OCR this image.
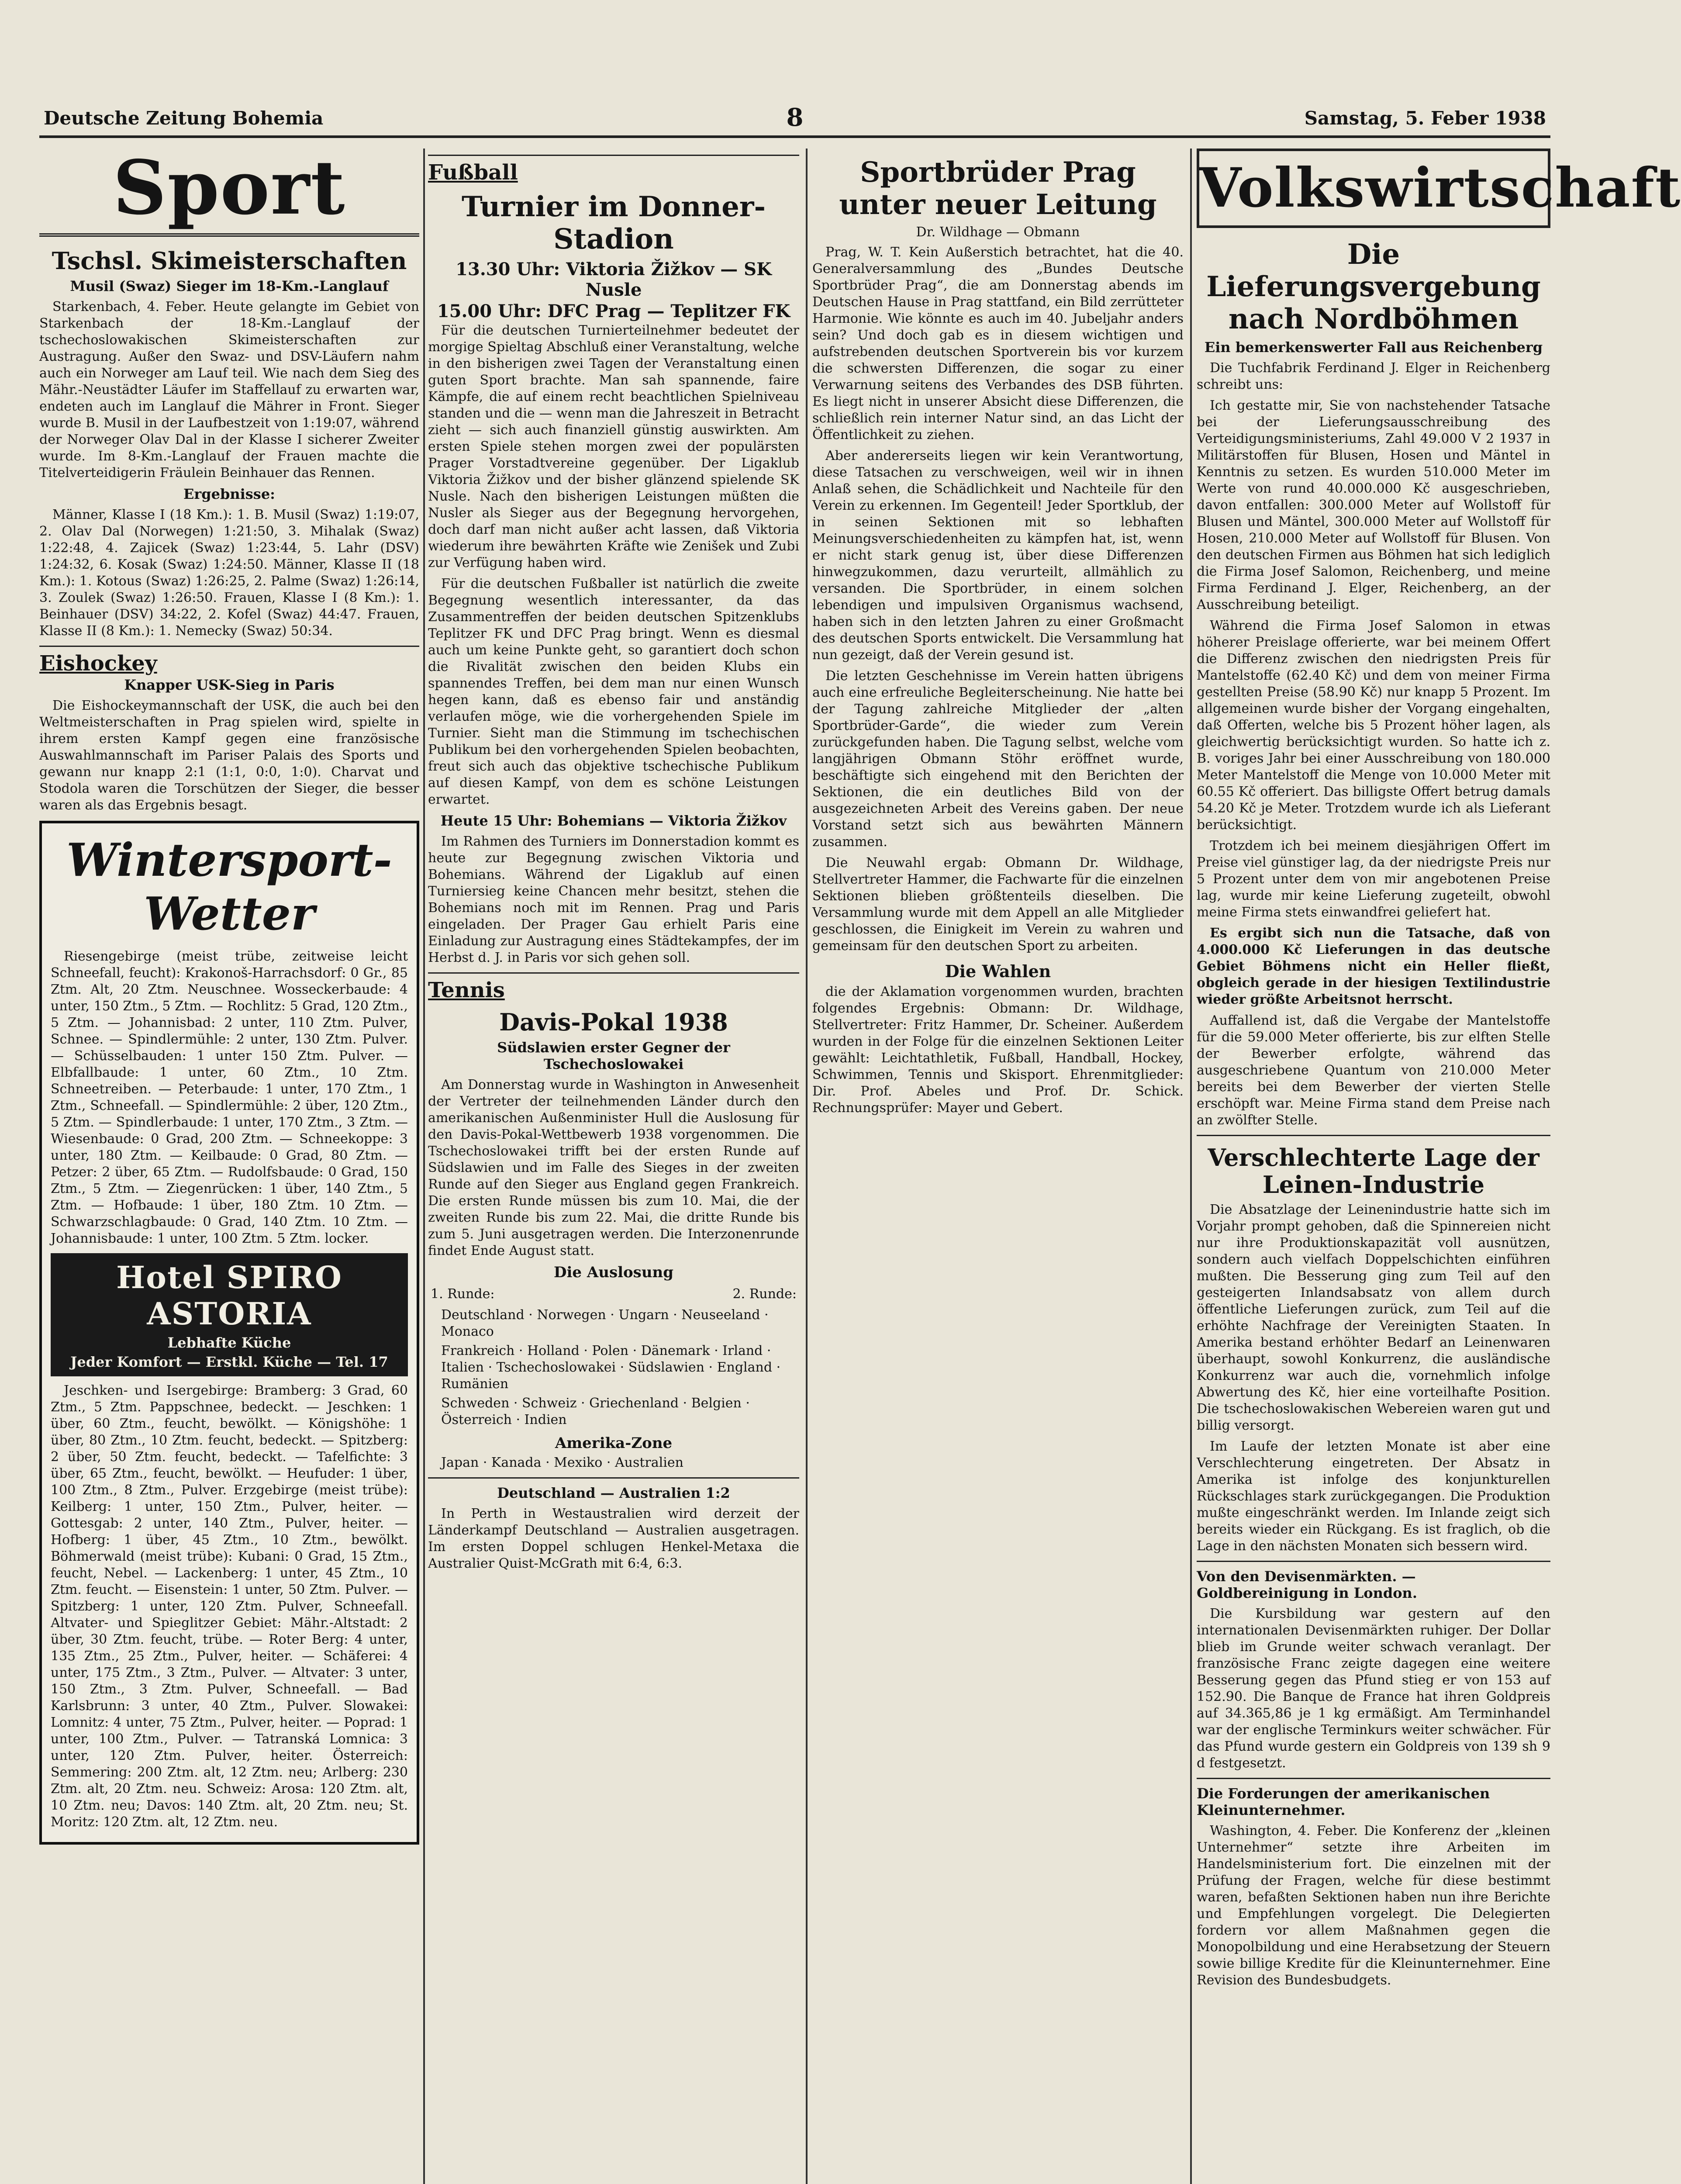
Deutsche Zeitung Bohemia	8	Samstag, 5. Feber 1938
Sport
Tschsl. Skimeisterschaften
Musil (Swaz) Sieger im 18-Km.-Langlauf

Starkenbach, 4. Feber. Heute gelangte im Gebiet von Starkenbach der 18-Km.-Langlauf der tschechoslowakischen Skimeisterschaften zur Austragung. Außer den Swaz- und DSV-Läufern nahm auch ein Norweger am Lauf teil. Wie nach dem Sieg des Mähr.-Neustädter Läufer im Staffellauf zu erwarten war, endeten auch im Langlauf die Mährer in Front. Sieger wurde B. Musil in der Laufbestzeit von 1:19:07, während der Norweger Olav Dal in der Klasse I sicherer Zweiter wurde. Im 8-Km.-Langlauf der Frauen machte die Titelverteidigerin Fräulein Beinhauer das Rennen.

Ergebnisse:

Männer, Klasse I (18 Km.): 1. B. Musil (Swaz) 1:19:07, 2. Olav Dal (Norwegen) 1:21:50, 3. Mihalak (Swaz) 1:22:48, 4. Zajicek (Swaz) 1:23:44, 5. Lahr (DSV) 1:24:32, 6. Kosak (Swaz) 1:24:50. Männer, Klasse II (18 Km.): 1. Kotous (Swaz) 1:26:25, 2. Palme (Swaz) 1:26:14, 3. Zoulek (Swaz) 1:26:50. Frauen, Klasse I (8 Km.): 1. Beinhauer (DSV) 34:22, 2. Kofel (Swaz) 44:47. Frauen, Klasse II (8 Km.): 1. Nemecky (Swaz) 50:34.

Eishockey
Knapper USK-Sieg in Paris

Die Eishockeymannschaft der USK, die auch bei den Weltmeisterschaften in Prag spielen wird, spielte in ihrem ersten Kampf gegen eine französische Auswahlmannschaft im Pariser Palais des Sports und gewann nur knapp 2:1 (1:1, 0:0, 1:0). Charvat und Stodola waren die Torschützen der Sieger, die besser waren als das Ergebnis besagt.

Wintersport-Wetter

Riesengebirge (meist trübe, zeitweise leicht Schneefall, feucht): Krakonoš-Harrachsdorf: 0 Gr., 85 Ztm. Alt, 20 Ztm. Neuschnee. Wosseckerbaude: 4 unter, 150 Ztm., 5 Ztm. — Rochlitz: 5 Grad, 120 Ztm., 5 Ztm. — Johannisbad: 2 unter, 110 Ztm. Pulver, Schnee. — Spindlermühle: 2 unter, 130 Ztm. Pulver. — Schüsselbauden: 1 unter 150 Ztm. Pulver. — Elbfallbaude: 1 unter, 60 Ztm., 10 Ztm. Schneetreiben. — Peterbaude: 1 unter, 170 Ztm., 1 Ztm., Schneefall. — Spindlermühle: 2 über, 120 Ztm., 5 Ztm. — Spindlerbaude: 1 unter, 170 Ztm., 3 Ztm. — Wiesenbaude: 0 Grad, 200 Ztm. — Schneekoppe: 3 unter, 180 Ztm. — Keilbaude: 0 Grad, 80 Ztm. — Petzer: 2 über, 65 Ztm. — Rudolfsbaude: 0 Grad, 150 Ztm., 5 Ztm. — Ziegenrücken: 1 über, 140 Ztm., 5 Ztm. — Hofbaude: 1 über, 180 Ztm. 10 Ztm. — Schwarzschlagbaude: 0 Grad, 140 Ztm. 10 Ztm. — Johannisbaude: 1 unter, 100 Ztm. 5 Ztm. locker.

Hotel SPIRO ASTORIA
Lebhafte Küche
Jeder Komfort — Erstkl. Küche — Tel. 17

Jeschken- und Isergebirge: Bramberg: 3 Grad, 60 Ztm., 5 Ztm. Pappschnee, bedeckt. — Jeschken: 1 über, 60 Ztm., feucht, bewölkt. — Königshöhe: 1 über, 80 Ztm., 10 Ztm. feucht, bedeckt. — Spitzberg: 2 über, 50 Ztm. feucht, bedeckt. — Tafelfichte: 3 über, 65 Ztm., feucht, bewölkt. — Heufuder: 1 über, 100 Ztm., 8 Ztm., Pulver. Erzgebirge (meist trübe): Keilberg: 1 unter, 150 Ztm., Pulver, heiter. — Gottesgab: 2 unter, 140 Ztm., Pulver, heiter. — Hofberg: 1 über, 45 Ztm., 10 Ztm., bewölkt. Böhmerwald (meist trübe): Kubani: 0 Grad, 15 Ztm., feucht, Nebel. — Lackenberg: 1 unter, 45 Ztm., 10 Ztm. feucht. — Eisenstein: 1 unter, 50 Ztm. Pulver. — Spitzberg: 1 unter, 120 Ztm. Pulver, Schneefall. Altvater- und Spieglitzer Gebiet: Mähr.-Altstadt: 2 über, 30 Ztm. feucht, trübe. — Roter Berg: 4 unter, 135 Ztm., 25 Ztm., Pulver, heiter. — Schäferei: 4 unter, 175 Ztm., 3 Ztm., Pulver. — Altvater: 3 unter, 150 Ztm., 3 Ztm. Pulver, Schneefall. — Bad Karlsbrunn: 3 unter, 40 Ztm., Pulver. Slowakei: Lomnitz: 4 unter, 75 Ztm., Pulver, heiter. — Poprad: 1 unter, 100 Ztm., Pulver. — Tatranská Lomnica: 3 unter, 120 Ztm. Pulver, heiter. Österreich: Semmering: 200 Ztm. alt, 12 Ztm. neu; Arlberg: 230 Ztm. alt, 20 Ztm. neu. Schweiz: Arosa: 120 Ztm. alt, 10 Ztm. neu; Davos: 140 Ztm. alt, 20 Ztm. neu; St. Moritz: 120 Ztm. alt, 12 Ztm. neu.

Fußball
Turnier im Donner-Stadion
13.30 Uhr: Viktoria Žižkov — SK Nusle
15.00 Uhr: DFC Prag — Teplitzer FK

Für die deutschen Turnierteilnehmer bedeutet der morgige Spieltag Abschluß einer Veranstaltung, welche in den bisherigen zwei Tagen der Veranstaltung einen guten Sport brachte. Man sah spannende, faire Kämpfe, die auf einem recht beachtlichen Spielniveau standen und die — wenn man die Jahreszeit in Betracht zieht — sich auch finanziell günstig auswirkten. Am ersten Spiele stehen morgen zwei der populärsten Prager Vorstadtvereine gegenüber. Der Ligaklub Viktoria Žižkov und der bisher glänzend spielende SK Nusle. Nach den bisherigen Leistungen müßten die Nusler als Sieger aus der Begegnung hervorgehen, doch darf man nicht außer acht lassen, daß Viktoria wiederum ihre bewährten Kräfte wie Zenišek und Zubi zur Verfügung haben wird.

Für die deutschen Fußballer ist natürlich die zweite Begegnung wesentlich interessanter, da das Zusammentreffen der beiden deutschen Spitzenklubs Teplitzer FK und DFC Prag bringt. Wenn es diesmal auch um keine Punkte geht, so garantiert doch schon die Rivalität zwischen den beiden Klubs ein spannendes Treffen, bei dem man nur einen Wunsch hegen kann, daß es ebenso fair und anständig verlaufen möge, wie die vorhergehenden Spiele im Turnier. Sieht man die Stimmung im tschechischen Publikum bei den vorhergehenden Spielen beobachten, freut sich auch das objektive tschechische Publikum auf diesen Kampf, von dem es schöne Leistungen erwartet.

Heute 15 Uhr: Bohemians — Viktoria Žižkov

Im Rahmen des Turniers im Donnerstadion kommt es heute zur Begegnung zwischen Viktoria und Bohemians. Während der Ligaklub auf einen Turniersieg keine Chancen mehr besitzt, stehen die Bohemians noch mit im Rennen. Prag und Paris eingeladen. Der Prager Gau erhielt Paris eine Einladung zur Austragung eines Städtekampfes, der im Herbst d. J. in Paris vor sich gehen soll.

Tennis
Davis-Pokal 1938
Südslawien erster Gegner der Tschechoslowakei

Am Donnerstag wurde in Washington in Anwesenheit der Vertreter der teilnehmenden Länder durch den amerikanischen Außenminister Hull die Auslosung für den Davis-Pokal-Wettbewerb 1938 vorgenommen. Die Tschechoslowakei trifft bei der ersten Runde auf Südslawien und im Falle des Sieges in der zweiten Runde auf den Sieger aus England gegen Frankreich. Die ersten Runde müssen bis zum 10. Mai, die der zweiten Runde bis zum 22. Mai, die dritte Runde bis zum 5. Juni ausgetragen werden. Die Interzonenrunde findet Ende August statt.

Die Auslosung
1. Runde:	2. Runde:
Deutschland · Norwegen · Ungarn · Neuseeland · Monaco
Frankreich · Holland · Polen · Dänemark · Irland · Italien · Tschechoslowakei · Südslawien · England · Rumänien
Schweden · Schweiz · Griechenland · Belgien · Österreich · Indien
Amerika-Zone
Japan · Kanada · Mexiko · Australien
Deutschland — Australien 1:2

In Perth in Westaustralien wird derzeit der Länderkampf Deutschland — Australien ausgetragen. Im ersten Doppel schlugen Henkel-Metaxa die Australier Quist-McGrath mit 6:4, 6:3.

Sportbrüder Prag unter neuer Leitung
Dr. Wildhage — Obmann

Prag, W. T. Kein Außerstich betrachtet, hat die 40. Generalversammlung des „Bundes Deutsche Sportbrüder Prag“, die am Donnerstag abends im Deutschen Hause in Prag stattfand, ein Bild zerrütteter Harmonie. Wie könnte es auch im 40. Jubeljahr anders sein? Und doch gab es in diesem wichtigen und aufstrebenden deutschen Sportverein bis vor kurzem die schwersten Differenzen, die sogar zu einer Verwarnung seitens des Verbandes des DSB führten. Es liegt nicht in unserer Absicht diese Differenzen, die schließlich rein interner Natur sind, an das Licht der Öffentlichkeit zu ziehen.

Aber andererseits liegen wir kein Verantwortung, diese Tatsachen zu verschweigen, weil wir in ihnen Anlaß sehen, die Schädlichkeit und Nachteile für den Verein zu erkennen. Im Gegenteil! Jeder Sportklub, der in seinen Sektionen mit so lebhaften Meinungsverschiedenheiten zu kämpfen hat, ist, wenn er nicht stark genug ist, über diese Differenzen hinwegzukommen, dazu verurteilt, allmählich zu versanden. Die Sportbrüder, in einem solchen lebendigen und impulsiven Organismus wachsend, haben sich in den letzten Jahren zu einer Großmacht des deutschen Sports entwickelt. Die Versammlung hat nun gezeigt, daß der Verein gesund ist.

Die letzten Geschehnisse im Verein hatten übrigens auch eine erfreuliche Begleiterscheinung. Nie hatte bei der Tagung zahlreiche Mitglieder der „alten Sportbrüder-Garde“, die wieder zum Verein zurückgefunden haben. Die Tagung selbst, welche vom langjährigen Obmann Stöhr eröffnet wurde, beschäftigte sich eingehend mit den Berichten der Sektionen, die ein deutliches Bild von der ausgezeichneten Arbeit des Vereins gaben. Der neue Vorstand setzt sich aus bewährten Männern zusammen.

Die Neuwahl ergab: Obmann Dr. Wildhage, Stellvertreter Hammer, die Fachwarte für die einzelnen Sektionen blieben größtenteils dieselben. Die Versammlung wurde mit dem Appell an alle Mitglieder geschlossen, die Einigkeit im Verein zu wahren und gemeinsam für den deutschen Sport zu arbeiten.

Die Wahlen

die der Aklamation vorgenommen wurden, brachten folgendes Ergebnis: Obmann: Dr. Wildhage, Stellvertreter: Fritz Hammer, Dr. Scheiner. Außerdem wurden in der Folge für die einzelnen Sektionen Leiter gewählt: Leichtathletik, Fußball, Handball, Hockey, Schwimmen, Tennis und Skisport. Ehrenmitglieder: Dir. Prof. Abeles und Prof. Dr. Schick. Rechnungsprüfer: Mayer und Gebert.

Volkswirtschaft
Die Lieferungsvergebung nach Nordböhmen
Ein bemerkenswerter Fall aus Reichenberg

Die Tuchfabrik Ferdinand J. Elger in Reichenberg schreibt uns:

Ich gestatte mir, Sie von nachstehender Tatsache bei der Lieferungsausschreibung des Verteidigungsministeriums, Zahl 49.000 V 2 1937 in Militärstoffen für Blusen, Hosen und Mäntel in Kenntnis zu setzen. Es wurden 510.000 Meter im Werte von rund 40.000.000 Kč ausgeschrieben, davon entfallen: 300.000 Meter auf Wollstoff für Blusen und Mäntel, 300.000 Meter auf Wollstoff für Hosen, 210.000 Meter auf Wollstoff für Blusen. Von den deutschen Firmen aus Böhmen hat sich lediglich die Firma Josef Salomon, Reichenberg, und meine Firma Ferdinand J. Elger, Reichenberg, an der Ausschreibung beteiligt.

Während die Firma Josef Salomon in etwas höherer Preislage offerierte, war bei meinem Offert die Differenz zwischen den niedrigsten Preis für Mantelstoffe (62.40 Kč) und dem von meiner Firma gestellten Preise (58.90 Kč) nur knapp 5 Prozent. Im allgemeinen wurde bisher der Vorgang eingehalten, daß Offerten, welche bis 5 Prozent höher lagen, als gleichwertig berücksichtigt wurden. So hatte ich z. B. voriges Jahr bei einer Ausschreibung von 180.000 Meter Mantelstoff die Menge von 10.000 Meter mit 60.55 Kč offeriert. Das billigste Offert betrug damals 54.20 Kč je Meter. Trotzdem wurde ich als Lieferant berücksichtigt.

Trotzdem ich bei meinem diesjährigen Offert im Preise viel günstiger lag, da der niedrigste Preis nur 5 Prozent unter dem von mir angebotenen Preise lag, wurde mir keine Lieferung zugeteilt, obwohl meine Firma stets einwandfrei geliefert hat.

Es ergibt sich nun die Tatsache, daß von 4.000.000 Kč Lieferungen in das deutsche Gebiet Böhmens nicht ein Heller fließt, obgleich gerade in der hiesigen Textilindustrie wieder größte Arbeitsnot herrscht.

Auffallend ist, daß die Vergabe der Mantelstoffe für die 59.000 Meter offerierte, bis zur elften Stelle der Bewerber erfolgte, während das ausgeschriebene Quantum von 210.000 Meter bereits bei dem Bewerber der vierten Stelle erschöpft war. Meine Firma stand dem Preise nach an zwölfter Stelle.

Verschlechterte Lage der Leinen-Industrie

Die Absatzlage der Leinenindustrie hatte sich im Vorjahr prompt gehoben, daß die Spinnereien nicht nur ihre Produktionskapazität voll ausnützen, sondern auch vielfach Doppelschichten einführen mußten. Die Besserung ging zum Teil auf den gesteigerten Inlandsabsatz von allem durch öffentliche Lieferungen zurück, zum Teil auf die erhöhte Nachfrage der Vereinigten Staaten. In Amerika bestand erhöhter Bedarf an Leinenwaren überhaupt, sowohl Konkurrenz, die ausländische Konkurrenz war auch die, vornehmlich infolge Abwertung des Kč, hier eine vorteilhafte Position. Die tschechoslowakischen Webereien waren gut und billig versorgt.

Im Laufe der letzten Monate ist aber eine Verschlechterung eingetreten. Der Absatz in Amerika ist infolge des konjunkturellen Rückschlages stark zurückgegangen. Die Produktion mußte eingeschränkt werden. Im Inlande zeigt sich bereits wieder ein Rückgang. Es ist fraglich, ob die Lage in den nächsten Monaten sich bessern wird.

Von den Devisenmärkten. — Goldbereinigung in London.

Die Kursbildung war gestern auf den internationalen Devisenmärkten ruhiger. Der Dollar blieb im Grunde weiter schwach veranlagt. Der französische Franc zeigte dagegen eine weitere Besserung gegen das Pfund stieg er von 153 auf 152.90. Die Banque de France hat ihren Goldpreis auf 34.365,86 je 1 kg ermäßigt. Am Terminhandel war der englische Terminkurs weiter schwächer. Für das Pfund wurde gestern ein Goldpreis von 139 sh 9 d festgesetzt.

Die Forderungen der amerikanischen Kleinunternehmer.

Washington, 4. Feber. Die Konferenz der „kleinen Unternehmer“ setzte ihre Arbeiten im Handelsministerium fort. Die einzelnen mit der Prüfung der Fragen, welche für diese bestimmt waren, befaßten Sektionen haben nun ihre Berichte und Empfehlungen vorgelegt. Die Delegierten fordern vor allem Maßnahmen gegen die Monopolbildung und eine Herabsetzung der Steuern sowie billige Kredite für die Kleinunternehmer. Eine Revision des Bundesbudgets.
